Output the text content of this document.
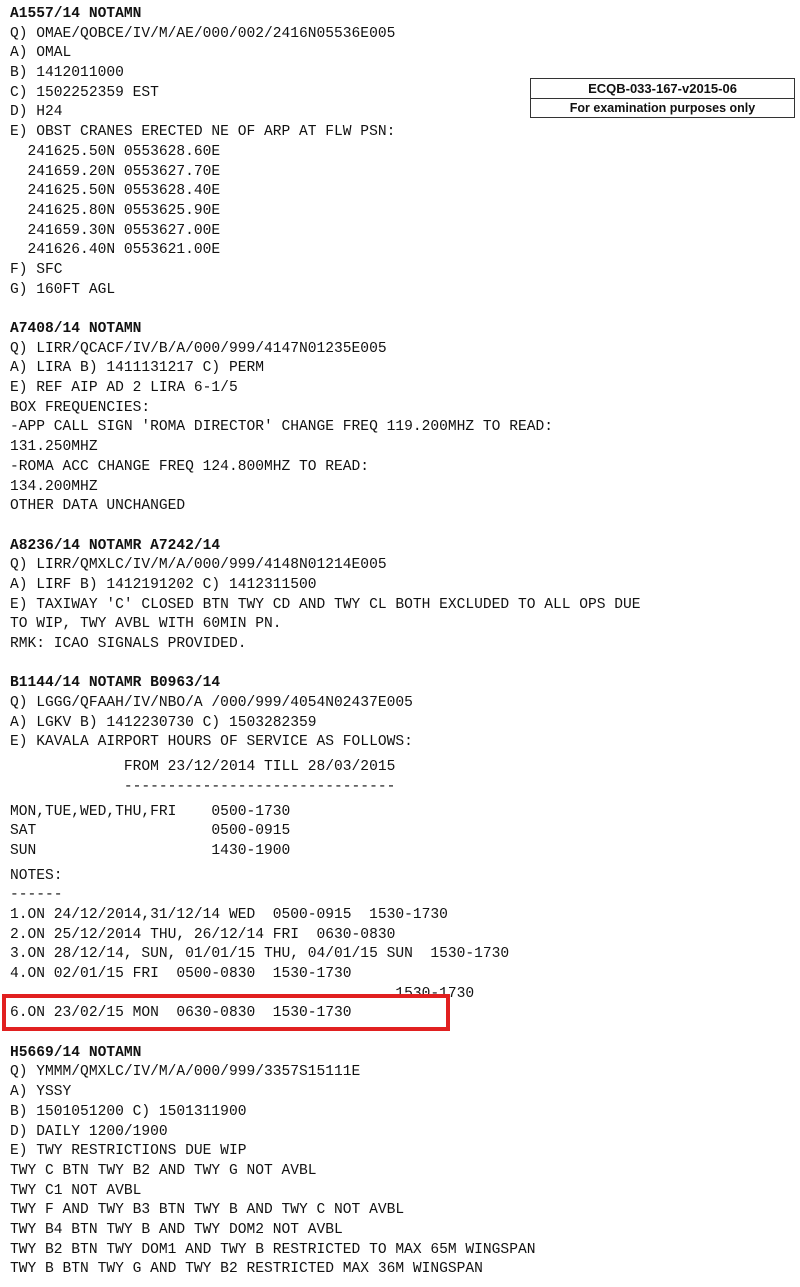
ECQB-033-167-v2015-06
For examination purposes only

A1557/14 NOTAMN

Q) OMAE/QOBCE/IV/M/AE/000/002/2416N05536E005

A) OMAL

B) 1412011000

C) 1502252359 EST

D) H24

E) OBST CRANES ERECTED NE OF ARP AT FLW PSN:

241625.50N 0553628.60E

241659.20N 0553627.70E

241625.50N 0553628.40E

241625.80N 0553625.90E

241659.30N 0553627.00E

241626.40N 0553621.00E

F) SFC

G) 160FT AGL

A7408/14 NOTAMN

Q) LIRR/QCACF/IV/B/A/000/999/4147N01235E005

A) LIRA B) 1411131217 C) PERM

E) REF AIP AD 2 LIRA 6-1/5

BOX FREQUENCIES:

-APP CALL SIGN 'ROMA DIRECTOR' CHANGE FREQ 119.200MHZ TO READ:

131.250MHZ

-ROMA ACC CHANGE FREQ 124.800MHZ TO READ:

134.200MHZ

OTHER DATA UNCHANGED

A8236/14 NOTAMR A7242/14

Q) LIRR/QMXLC/IV/M/A/000/999/4148N01214E005

A) LIRF B) 1412191202 C) 1412311500

E) TAXIWAY 'C' CLOSED BTN TWY CD AND TWY CL BOTH EXCLUDED TO ALL OPS DUE

TO WIP, TWY AVBL WITH 60MIN PN.

RMK: ICAO SIGNALS PROVIDED.

B1144/14 NOTAMR B0963/14

Q) LGGG/QFAAH/IV/NBO/A /000/999/4054N02437E005

A) LGKV B) 1412230730 C) 1503282359

E) KAVALA AIRPORT HOURS OF SERVICE AS FOLLOWS:

FROM 23/12/2014 TILL 28/03/2015

-------------------------------

MON,TUE,WED,THU,FRI    0500-1730

SAT                    0500-0915

SUN                    1430-1900

NOTES:

------

1.ON 24/12/2014,31/12/14 WED  0500-0915  1530-1730

2.ON 25/12/2014 THU, 26/12/14 FRI  0630-0830

3.ON 28/12/14, SUN, 01/01/15 THU, 04/01/15 SUN  1530-1730

4.ON 02/01/15 FRI  0500-0830  1530-1730

1530-1730

6.ON 23/02/15 MON  0630-0830  1530-1730

H5669/14 NOTAMN

Q) YMMM/QMXLC/IV/M/A/000/999/3357S15111E

A) YSSY

B) 1501051200 C) 1501311900

D) DAILY 1200/1900

E) TWY RESTRICTIONS DUE WIP

TWY C BTN TWY B2 AND TWY G NOT AVBL

TWY C1 NOT AVBL

TWY F AND TWY B3 BTN TWY B AND TWY C NOT AVBL

TWY B4 BTN TWY B AND TWY DOM2 NOT AVBL

TWY B2 BTN TWY DOM1 AND TWY B RESTRICTED TO MAX 65M WINGSPAN

TWY B BTN TWY G AND TWY B2 RESTRICTED MAX 36M WINGSPAN
